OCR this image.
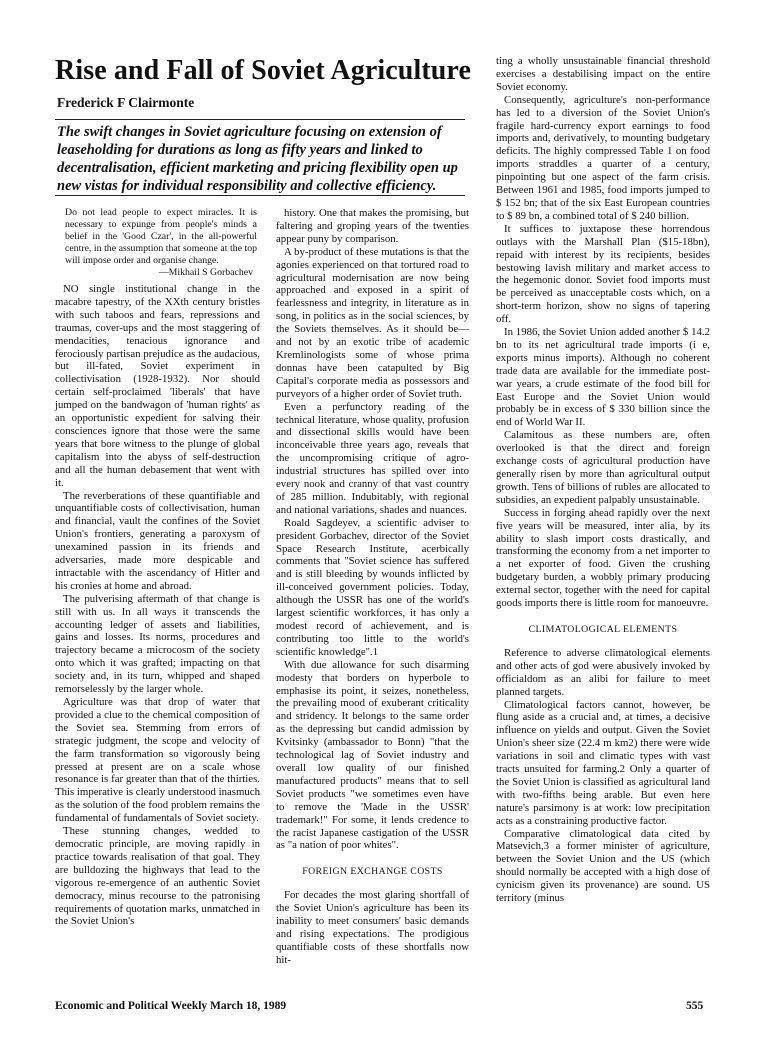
Rise and Fall of Soviet Agriculture
Frederick F Clairmonte
The swift changes in Soviet agriculture focusing on extension of leaseholding for durations as long as fifty years and linked to decentralisation, efficient marketing and pricing flexibility open up new vistas for individual responsibility and collective efficiency.

Do not lead people to expect miracles. It is necessary to expunge from people's minds a belief in the 'Good Czar', in the all-powerful centre, in the assumption that someone at the top will impose order and organise change.

—Mikhail S Gorbachev

NO single institutional change in the macabre tapestry, of the XXth century bristles with such taboos and fears, repressions and traumas, cover-ups and the most staggering of mendacities, tenacious ignorance and ferociously partisan prejudice as the audacious, but ill-fated, Soviet experiment in collectivisation (1928-1932). Nor should certain self-proclaimed 'liberals' that have jumped on the bandwagon of 'human rights' as an opportunistic expedient for salving their consciences ignore that those were the same years that bore witness to the plunge of global capitalism into the abyss of self-destruction and all the human debasement that went with it.

The reverberations of these quantifiable and unquantifiable costs of collectivisation, human and financial, vault the confines of the Soviet Union's frontiers, generating a paroxysm of unexamined passion in its friends and adversaries, made more despicable and intractable with the ascendancy of Hitler and his cronies at home and abroad.

The pulverising aftermath of that change is still with us. In all ways it transcends the accounting ledger of assets and liabilities, gains and losses. Its norms, procedures and trajectory became a microcosm of the society onto which it was grafted; impacting on that society and, in its turn, whipped and shaped remorselessly by the larger whole.

Agriculture was that drop of water that provided a clue to the chemical composition of the Soviet sea. Stemming from errors of strategic judgment, the scope and velocity of the farm transformation so vigorously being pressed at present are on a scale whose resonance is far greater than that of the thirties. This imperative is clearly understood inasmuch as the solution of the food problem remains the fundamental of fundamentals of Soviet society.

These stunning changes, wedded to democratic principle, are moving rapidly in practice towards realisation of that goal. They are bulldozing the highways that lead to the vigorous re-emergence of an authentic Soviet democracy, minus recourse to the patronising requirements of quotation marks, unmatched in the Soviet Union's

history. One that makes the promising, but faltering and groping years of the twenties appear puny by comparison.

A by-product of these mutations is that the agonies experienced on that tortured road to agricultural modernisation are now being approached and exposed in a spirit of fearlessness and integrity, in literature as in song, in politics as in the social sciences, by the Soviets themselves. As it should be—and not by an exotic tribe of academic Kremlinologists some of whose prima donnas have been catapulted by Big Capital's corporate media as possessors and purveyors of a higher order of Soviet truth.

Even a perfunctory reading of the technical literature, whose quality, profusion and dissectional skills would have been inconceivable three years ago, reveals that the uncompromising critique of agro-industrial structures has spilled over into every nook and cranny of that vast country of 285 million. Indubitably, with regional and national variations, shades and nuances.

Roald Sagdeyev, a scientific adviser to president Gorbachev, director of the Soviet Space Research Institute, acerbically comments that "Soviet science has suffered and is still bleeding by wounds inflicted by ill-conceived government policies. Today, although the USSR has one of the world's largest scientific workforces, it has only a modest record of achievement, and is contributing too little to the world's scientific knowledge".1

With due allowance for such disarming modesty that borders on hyperbole to emphasise its point, it seizes, nonetheless, the prevailing mood of exuberant criticality and stridency. It belongs to the same order as the depressing but candid admission by Kvitsinky (ambassador to Bonn) "that the technological lag of Soviet industry and overall low quality of our finished manufactured products" means that to sell Soviet products "we sometimes even have to remove the 'Made in the USSR' trademark!" For some, it lends credence to the racist Japanese castigation of the USSR as "a nation of poor whites".

FOREIGN EXCHANGE COSTS

For decades the most glaring shortfall of the Soviet Union's agriculture has been its inability to meet consumers' basic demands and rising expectations. The prodigious quantifiable costs of these shortfalls now hit-

ting a wholly unsustainable financial threshold exercises a destabilising impact on the entire Soviet economy.

Consequently, agriculture's non-performance has led to a diversion of the Soviet Union's fragile hard-currency export earnings to food imports and, derivatively, to mounting budgetary deficits. The highly compressed Table 1 on food imports straddles a quarter of a century, pinpointing but one aspect of the farm crisis. Between 1961 and 1985, food imports jumped to $ 152 bn; that of the six East European countries to $ 89 bn, a combined total of $ 240 billion.

It suffices to juxtapose these horrendous outlays with the Marshall Plan ($15-18bn), repaid with interest by its recipients, besides bestowing lavish military and market access to the hegemonic donor. Soviet food imports must be perceived as unacceptable costs which, on a short-term horizon, show no signs of tapering off.

In 1986, the Soviet Union added another $ 14.2 bn to its net agricultural trade imports (i e, exports minus imports). Although no coherent trade data are available for the immediate post-war years, a crude estimate of the food bill for East Europe and the Soviet Union would probably be in excess of $ 330 billion since the end of World War II.

Calamitous as these numbers are, often overlooked is that the direct and foreign exchange costs of agricultural production have generally risen by more than agricultural output growth. Tens of billions of rubles are allocated to subsidies, an expedient palpably unsustainable.

Success in forging ahead rapidly over the next five years will be measured, inter alia, by its ability to slash import costs drastically, and transforming the economy from a net importer to a net exporter of food. Given the crushing budgetary burden, a wobbly primary producing external sector, together with the need for capital goods imports there is little room for manoeuvre.

CLIMATOLOGICAL ELEMENTS

Reference to adverse climatological elements and other acts of god were abusively invoked by officialdom as an alibi for failure to meet planned targets.

Climatological factors cannot, however, be flung aside as a crucial and, at times, a decisive influence on yields and output. Given the Soviet Union's sheer size (22.4 m km2) there were wide variations in soil and climatic types with vast tracts unsuited for farming.2 Only a quarter of the Soviet Union is classified as agricultural land with two-fifths being arable. But even here nature's parsimony is at work: low precipitation acts as a constraining productive factor.

Comparative climatological data cited by Matsevich,3 a former minister of agriculture, between the Soviet Union and the US (which should normally be accepted with a high dose of cynicism given its provenance) are sound. US territory (minus

Economic and Political Weekly March 18, 1989	555
